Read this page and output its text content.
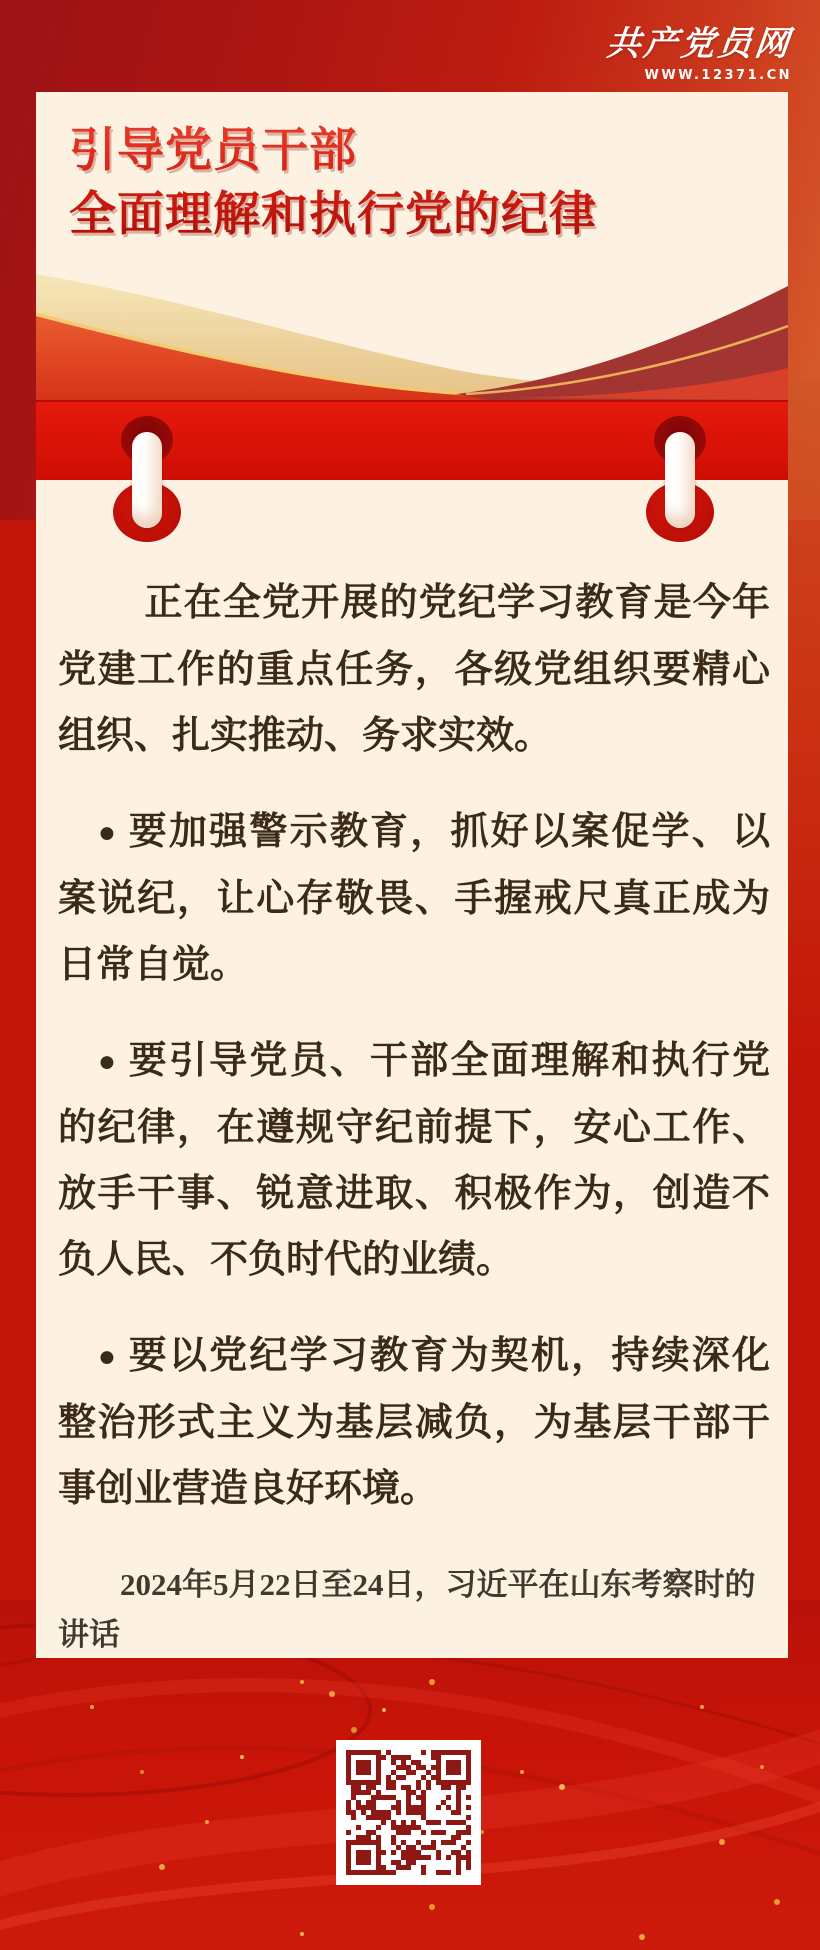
共产党员网
WWW.12371.CN
引导党员干部
全面理解和执行党的纪律

正在全党开展的党纪学习教育是今年党建工作的重点任务，各级党组织要精心组织、扎实推动、务求实效。

● 要加强警示教育，抓好以案促学、以案说纪，让心存敬畏、手握戒尺真正成为日常自觉。

● 要引导党员、干部全面理解和执行党的纪律，在遵规守纪前提下，安心工作、放手干事、锐意进取、积极作为，创造不负人民、不负时代的业绩。

● 要以党纪学习教育为契机，持续深化整治形式主义为基层减负，为基层干部干事创业营造良好环境。

2024年5月22日至24日，习近平在山东考察时的讲话
